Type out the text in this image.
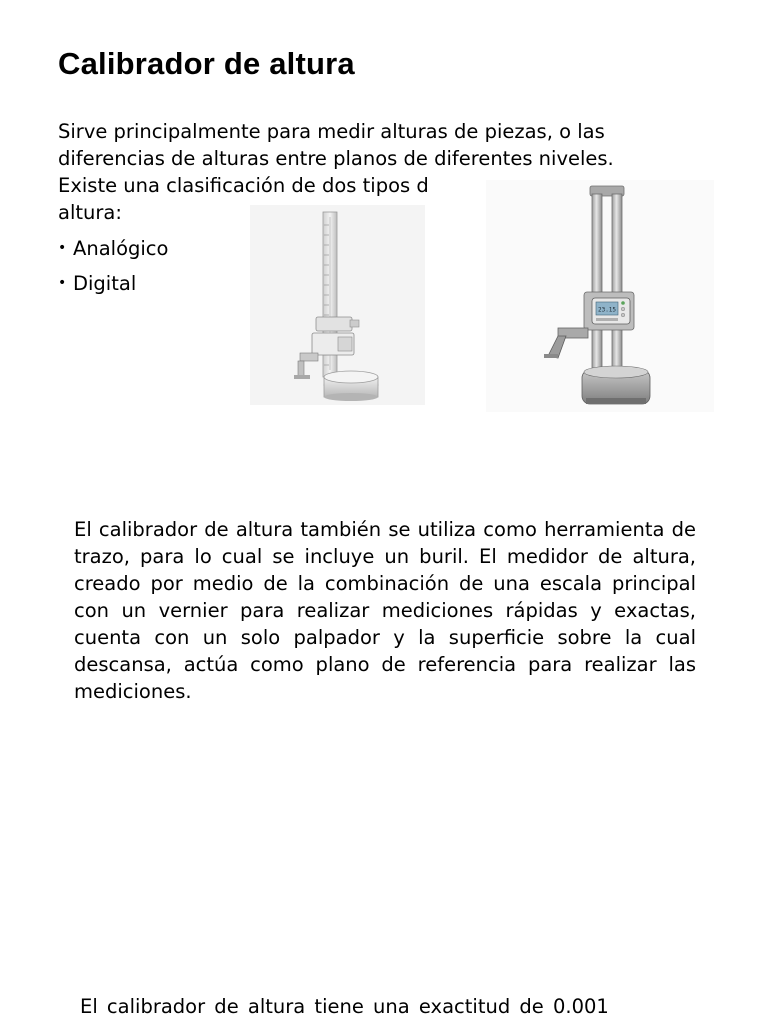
Calibrador de altura
Sirve principalmente para medir alturas de piezas, o las
diferencias de alturas entre planos de diferentes niveles.
Existe una clasificación de dos tipos d
altura:
• Analógico
• Digital
23.15
El calibrador de altura también se utiliza como herramienta de trazo, para lo cual se incluye un buril. El medidor de altura, creado por medio de la combinación de una escala principal con un vernier para realizar mediciones rápidas y exactas, cuenta con un solo palpador y la superficie sobre la cual descansa, actúa como plano de referencia para realizar las mediciones.
El calibrador de altura tiene una exactitud de 0.001
